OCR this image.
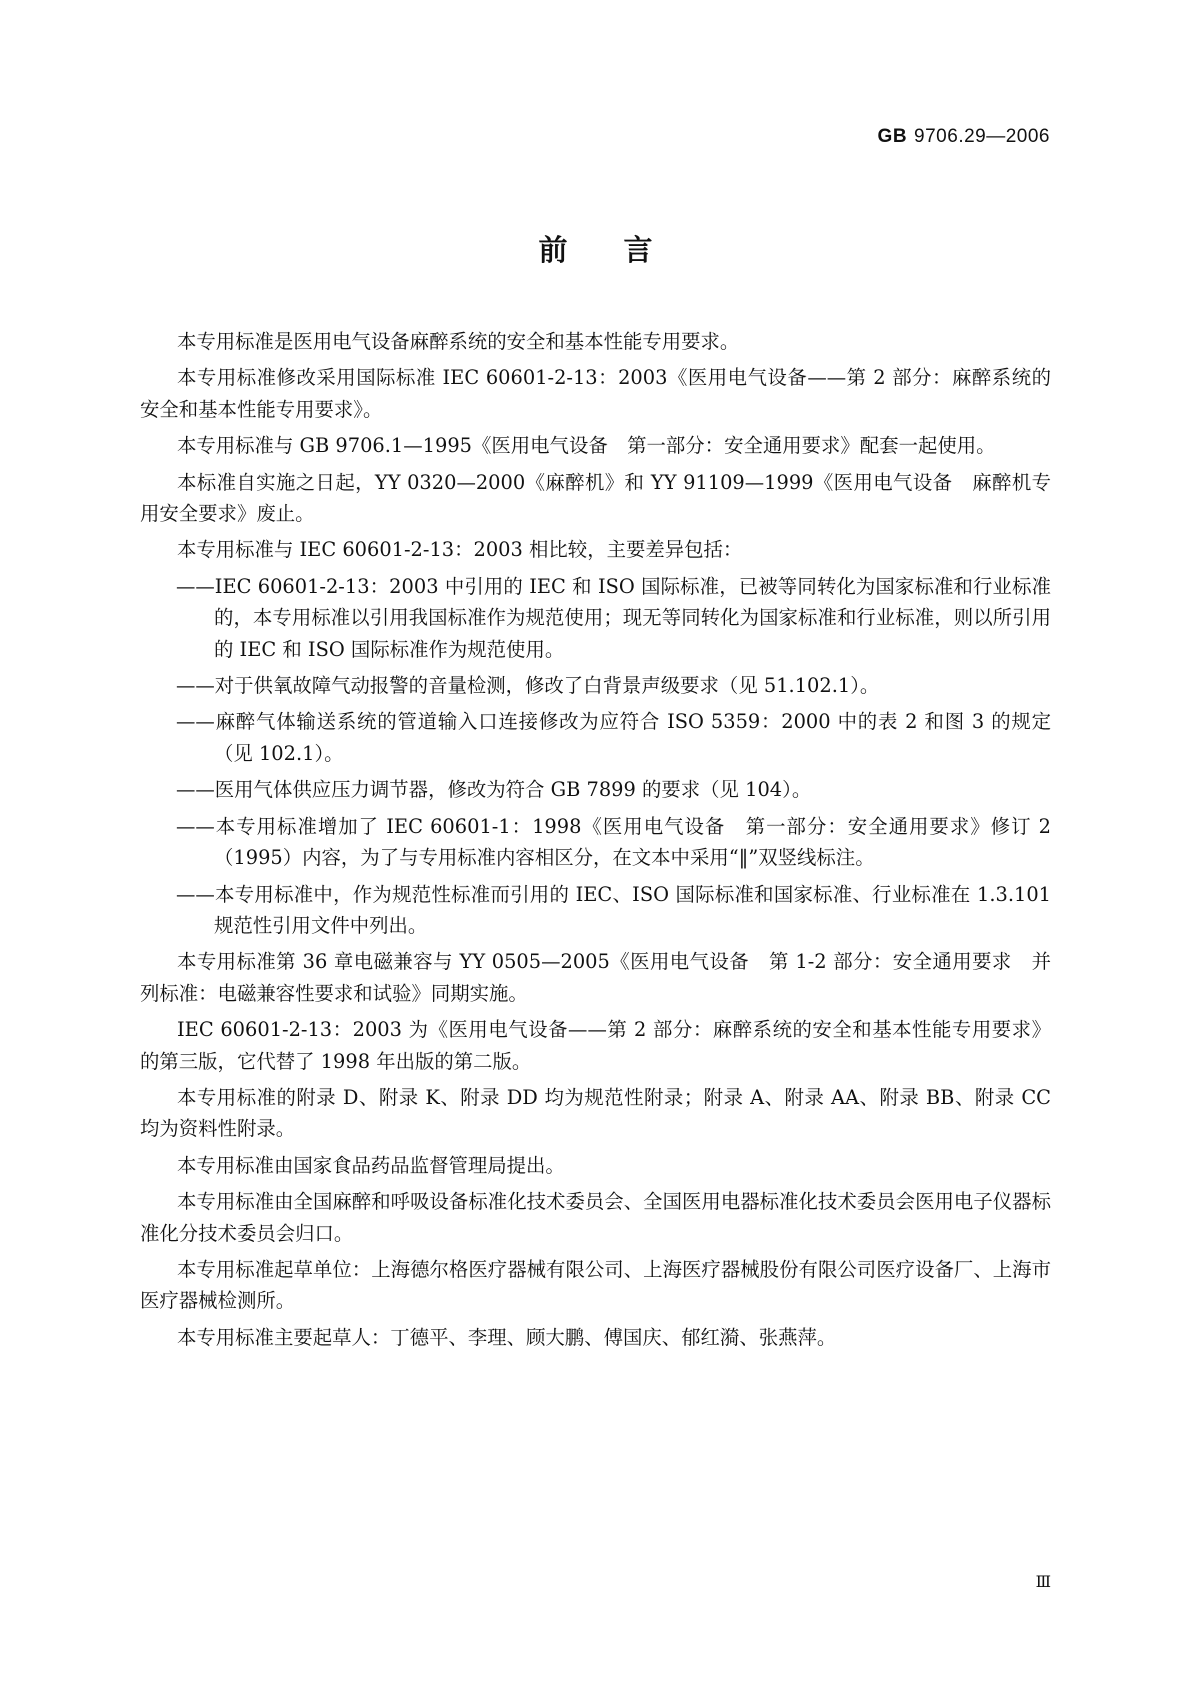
GB 9706.29—2006
前 言

本专用标准是医用电气设备麻醉系统的安全和基本性能专用要求。

本专用标准修改采用国际标准 IEC 60601-2-13：2003《医用电气设备——第 2 部分：麻醉系统的安全和基本性能专用要求》。

本专用标准与 GB 9706.1—1995《医用电气设备　第一部分：安全通用要求》配套一起使用。

本标准自实施之日起，YY 0320—2000《麻醉机》和 YY 91109—1999《医用电气设备　麻醉机专用安全要求》废止。

本专用标准与 IEC 60601-2-13：2003 相比较，主要差异包括：

——IEC 60601-2-13：2003 中引用的 IEC 和 ISO 国际标准，已被等同转化为国家标准和行业标准的，本专用标准以引用我国标准作为规范使用；现无等同转化为国家标准和行业标准，则以所引用的 IEC 和 ISO 国际标准作为规范使用。

——对于供氧故障气动报警的音量检测，修改了白背景声级要求（见 51.102.1）。

——麻醉气体输送系统的管道输入口连接修改为应符合 ISO 5359：2000 中的表 2 和图 3 的规定（见 102.1）。

——医用气体供应压力调节器，修改为符合 GB 7899 的要求（见 104）。

——本专用标准增加了 IEC 60601-1：1998《医用电气设备　第一部分：安全通用要求》修订 2（1995）内容，为了与专用标准内容相区分，在文本中采用“‖”双竖线标注。

——本专用标准中，作为规范性标准而引用的 IEC、ISO 国际标准和国家标准、行业标准在 1.3.101 规范性引用文件中列出。

本专用标准第 36 章电磁兼容与 YY 0505—2005《医用电气设备　第 1-2 部分：安全通用要求　并列标准：电磁兼容性要求和试验》同期实施。

IEC 60601-2-13：2003 为《医用电气设备——第 2 部分：麻醉系统的安全和基本性能专用要求》的第三版，它代替了 1998 年出版的第二版。

本专用标准的附录 D、附录 K、附录 DD 均为规范性附录；附录 A、附录 AA、附录 BB、附录 CC 均为资料性附录。

本专用标准由国家食品药品监督管理局提出。

本专用标准由全国麻醉和呼吸设备标准化技术委员会、全国医用电器标准化技术委员会医用电子仪器标准化分技术委员会归口。

本专用标准起草单位：上海德尔格医疗器械有限公司、上海医疗器械股份有限公司医疗设备厂、上海市医疗器械检测所。

本专用标准主要起草人：丁德平、李理、顾大鹏、傅国庆、郁红漪、张燕萍。

Ⅲ
